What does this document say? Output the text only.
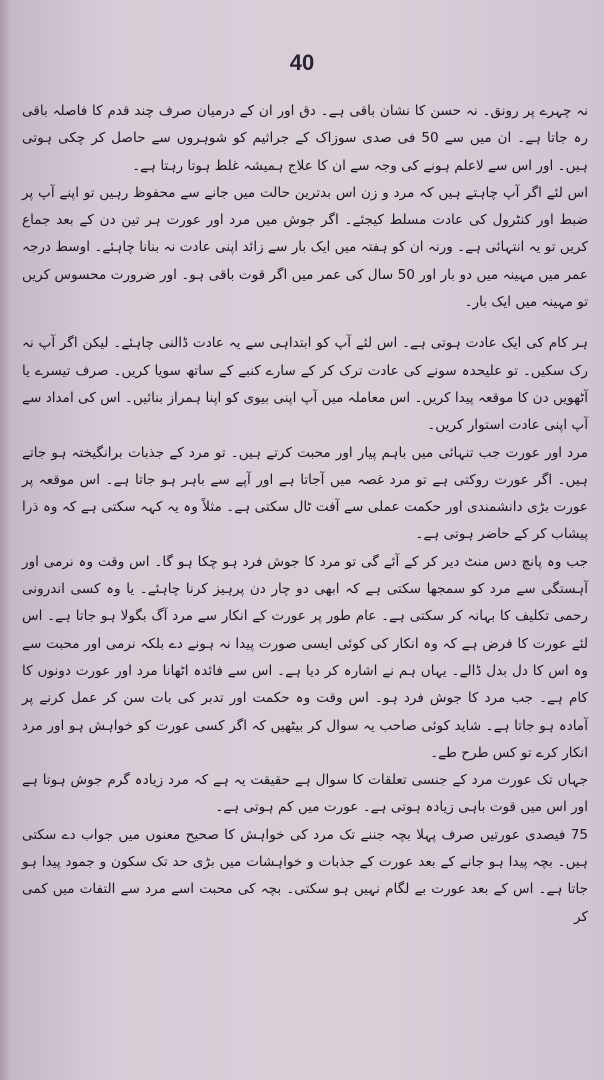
40

نہ چہرے پر رونق۔ نہ حسن کا نشان باقی ہے۔ دق اور ان کے درمیان صرف چند قدم کا فاصلہ باقی رہ جاتا ہے۔ ان میں سے 50 فی صدی سوزاک کے جراثیم کو شوہروں سے حاصل کر چکی ہوتی ہیں۔ اور اس سے لاعلم ہونے کی وجہ سے ان کا علاج ہمیشہ غلط ہوتا رہتا ہے۔

اس لئے اگر آپ چاہتے ہیں کہ مرد و زن اس بدترین حالت میں جانے سے محفوظ رہیں تو اپنے آپ پر ضبط اور کنٹرول کی عادت مسلط کیجئے۔ اگر جوش میں مرد اور عورت ہر تین دن کے بعد جماع کریں تو یہ انتہائی ہے۔ ورنہ ان کو ہفتہ میں ایک بار سے زائد اپنی عادت نہ بنانا چاہئے۔ اوسط درجہ عمر میں مہینہ میں دو بار اور 50 سال کی عمر میں اگر قوت باقی ہو۔ اور ضرورت محسوس کریں تو مہینہ میں ایک بار۔

ہر کام کی ایک عادت ہوتی ہے۔ اس لئے آپ کو ابتداہی سے یہ عادت ڈالنی چاہئے۔ لیکن اگر آپ نہ رک سکیں۔ تو علیحدہ سونے کی عادت ترک کر کے سارے کنبے کے ساتھ سویا کریں۔ صرف تیسرے یا آٹھویں دن کا موقعہ پیدا کریں۔ اس معاملہ میں آپ اپنی بیوی کو اپنا ہمراز بنائیں۔ اس کی امداد سے آپ اپنی عادت استوار کریں۔

مرد اور عورت جب تنہائی میں باہم پیار اور محبت کرتے ہیں۔ تو مرد کے جذبات برانگیختہ ہو جاتے ہیں۔ اگر عورت روکتی ہے تو مرد غصہ میں آجاتا ہے اور آپے سے باہر ہو جاتا ہے۔ اس موقعہ پر عورت بڑی دانشمندی اور حکمت عملی سے آفت ٹال سکتی ہے۔ مثلاً وہ یہ کہہ سکتی ہے کہ وہ ذرا پیشاب کر کے حاضر ہوتی ہے۔

جب وہ پانچ دس منٹ دیر کر کے آئے گی تو مرد کا جوش فرد ہو چکا ہو گا۔ اس وقت وہ نرمی اور آہستگی سے مرد کو سمجھا سکتی ہے کہ ابھی دو چار دن پرہیز کرنا چاہئے۔ یا وہ کسی اندرونی رحمی تکلیف کا بہانہ کر سکتی ہے۔ عام طور پر عورت کے انکار سے مرد آگ بگولا ہو جاتا ہے۔ اس لئے عورت کا فرض ہے کہ وہ انکار کی کوئی ایسی صورت پیدا نہ ہونے دے بلکہ نرمی اور محبت سے وہ اس کا دل بدل ڈالے۔ یہاں ہم نے اشارہ کر دیا ہے۔ اس سے فائدہ اٹھانا مرد اور عورت دونوں کا کام ہے۔ جب مرد کا جوش فرد ہو۔ اس وقت وہ حکمت اور تدبر کی بات سن کر عمل کرنے پر آمادہ ہو جاتا ہے۔ شاید کوئی صاحب یہ سوال کر بیٹھیں کہ اگر کسی عورت کو خواہش ہو اور مرد انکار کرے تو کس طرح طے۔

جہاں تک عورت مرد کے جنسی تعلقات کا سوال ہے حقیقت یہ ہے کہ مرد زیادہ گرم جوش ہوتا ہے اور اس میں قوت باہی زیادہ ہوتی ہے۔ عورت میں کم ہوتی ہے۔

75 فیصدی عورتیں صرف پہلا بچہ جننے تک مرد کی خواہش کا صحیح معنوں میں جواب دے سکتی ہیں۔ بچہ پیدا ہو جانے کے بعد عورت کے جذبات و خواہشات میں بڑی حد تک سکون و جمود پیدا ہو جاتا ہے۔ اس کے بعد عورت بے لگام نہیں ہو سکتی۔ بچہ کی محبت اسے مرد سے التفات میں کمی کر
